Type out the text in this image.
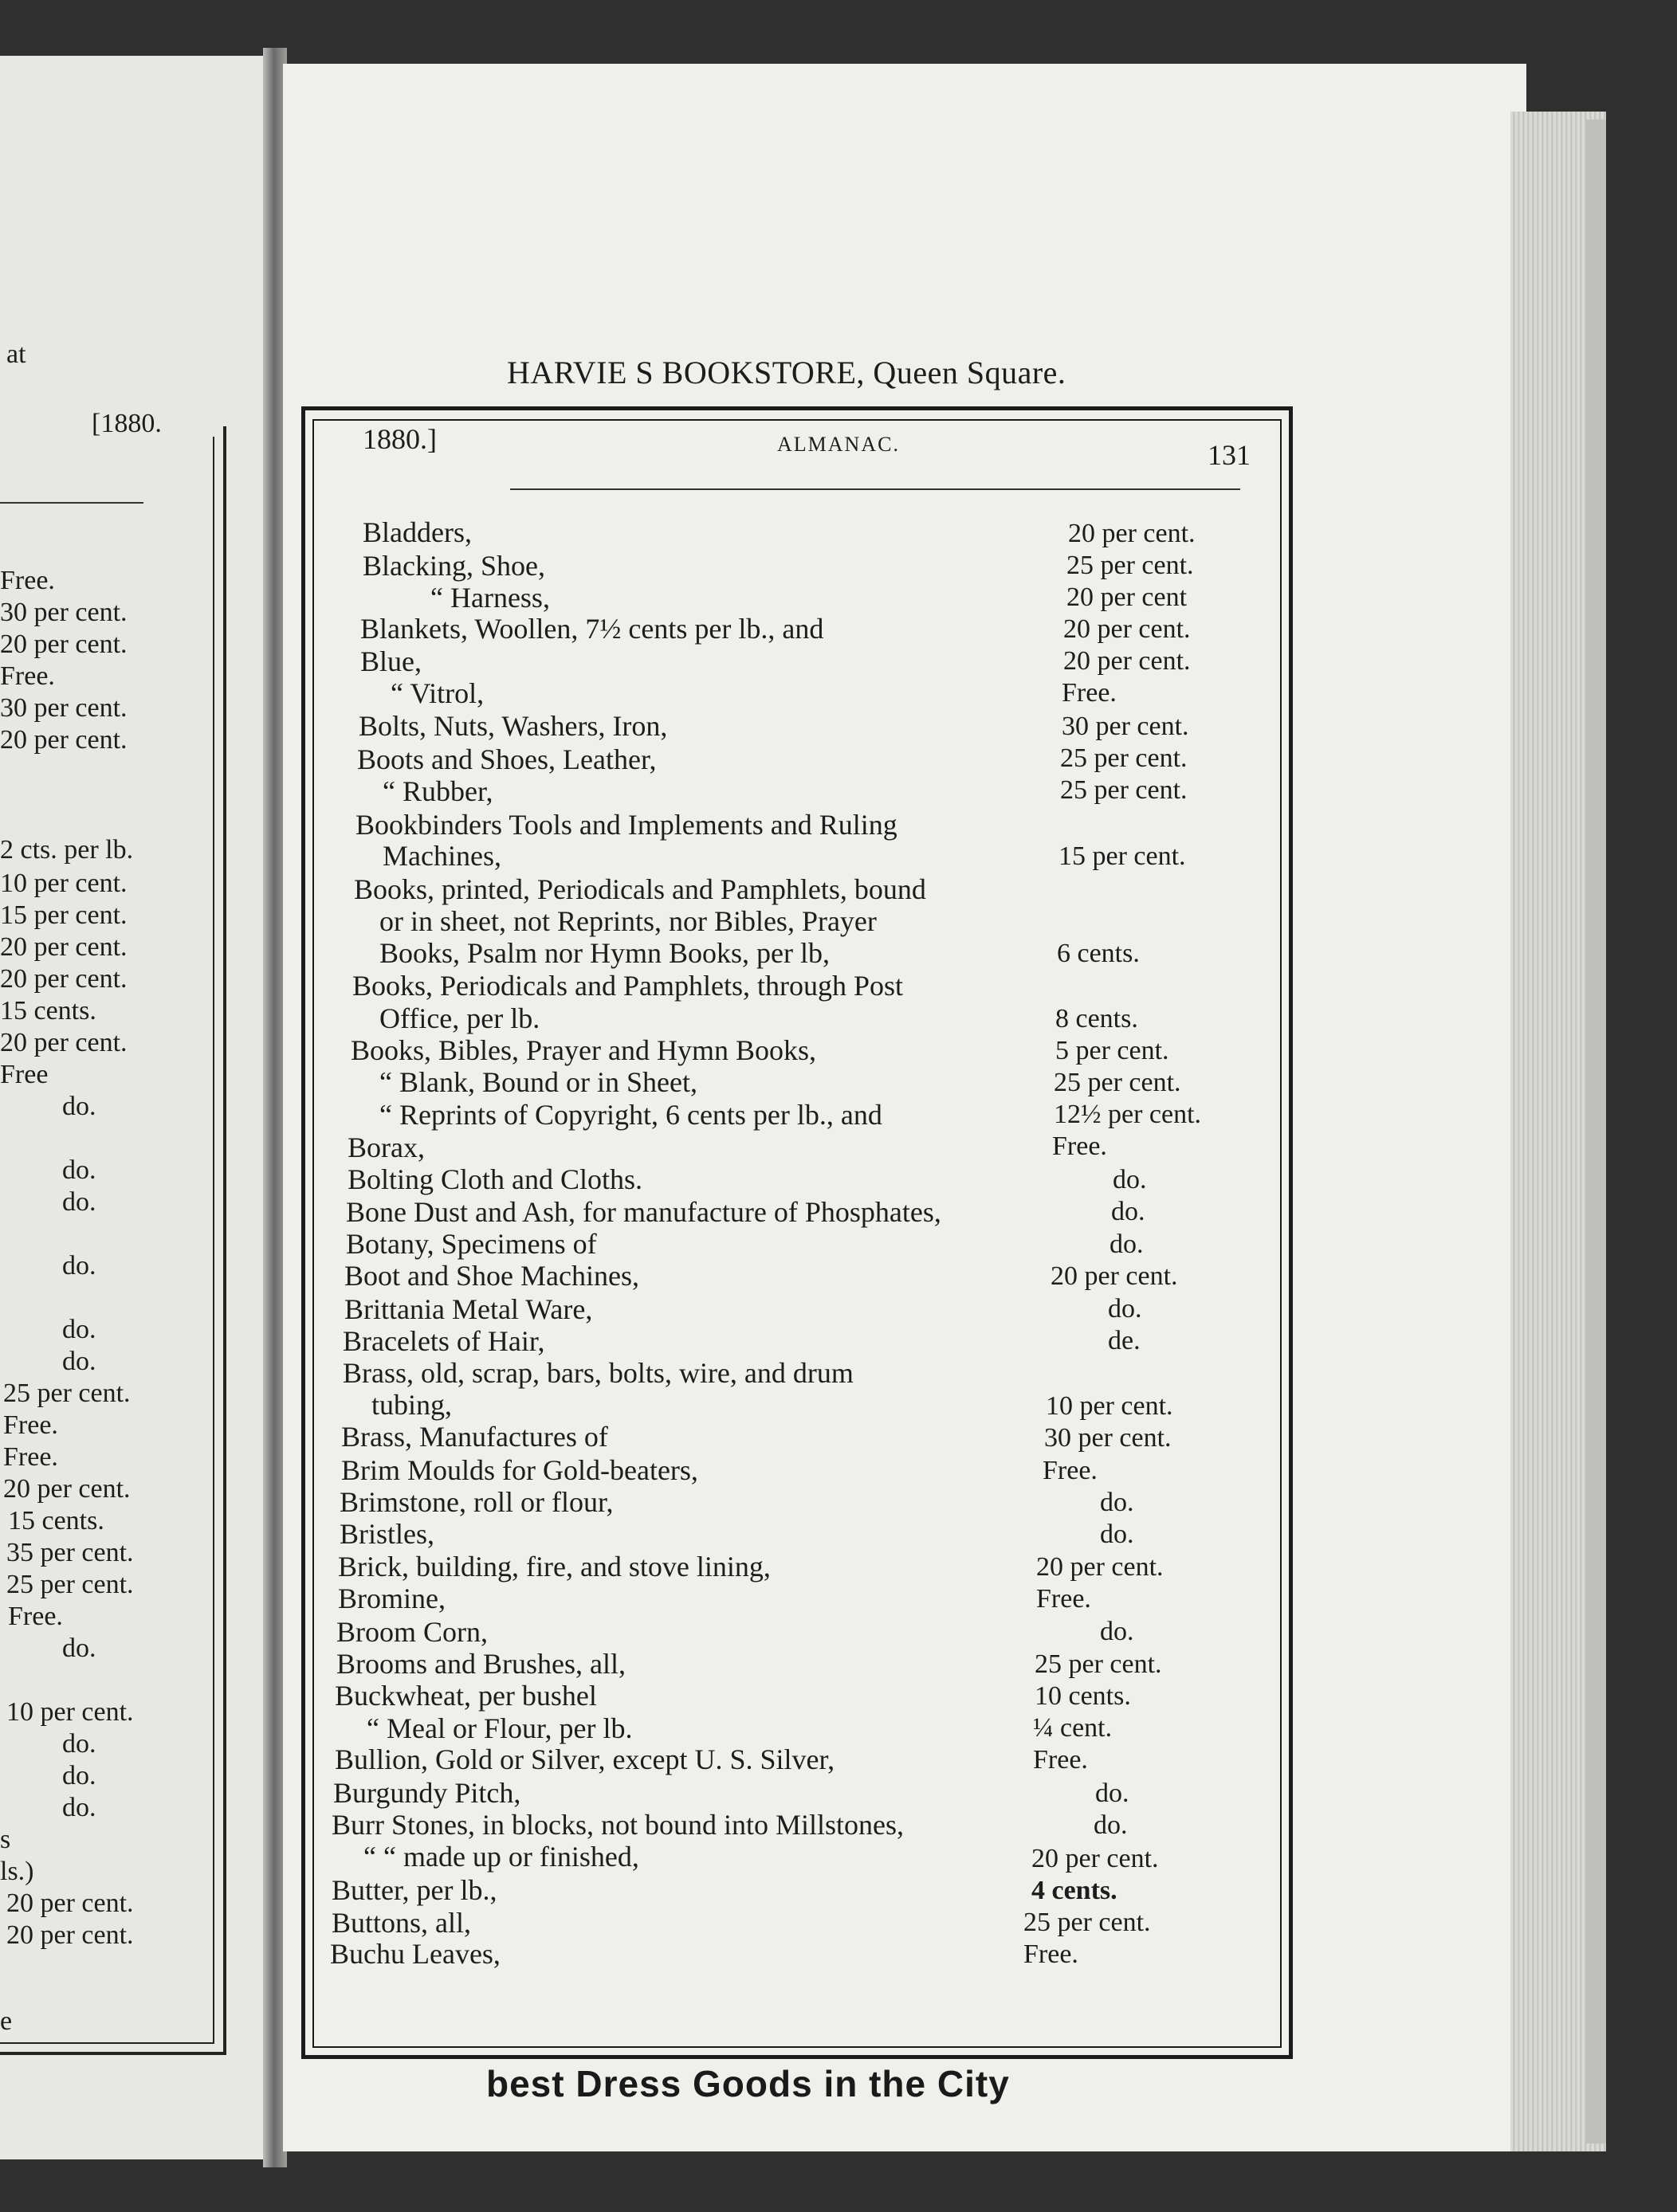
at
[1880.
Free.
30 per cent.
20 per cent.
Free.
30 per cent.
20 per cent.
2 cts. per lb.
10 per cent.
15 per cent.
20 per cent.
20 per cent.
15 cents.
20 per cent.
Free
do.
do.
do.
do.
do.
do.
25 per cent.
Free.
Free.
20 per cent.
15 cents.
35 per cent.
25 per cent.
Free.
do.
10 per cent.
do.
do.
do.
s
ls.)
20 per cent.
20 per cent.
e
HARVIE S BOOKSTORE, Queen Square.
1880.]	ALMANAC.	131
Bladders,	20 per cent.
Blacking, Shoe,	25 per cent.
“ Harness,	20 per cent
Blankets, Woollen, 7½ cents per lb., and	20 per cent.
Blue,	20 per cent.
“ Vitrol,	Free.
Bolts, Nuts, Washers, Iron,	30 per cent.
Boots and Shoes, Leather,	25 per cent.
“ Rubber,	25 per cent.
Bookbinders Tools and Implements and Ruling
Machines,	15 per cent.
Books, printed, Periodicals and Pamphlets, bound
or in sheet, not Reprints, nor Bibles, Prayer
Books, Psalm nor Hymn Books, per lb,	6 cents.
Books, Periodicals and Pamphlets, through Post
Office, per lb.	8 cents.
Books, Bibles, Prayer and Hymn Books,	5 per cent.
“ Blank, Bound or in Sheet,	25 per cent.
“ Reprints of Copyright, 6 cents per lb., and	12½ per cent.
Borax,	Free.
Bolting Cloth and Cloths.	do.
Bone Dust and Ash, for manufacture of Phosphates,	do.
Botany, Specimens of	do.
Boot and Shoe Machines,	20 per cent.
Brittania Metal Ware,	do.
Bracelets of Hair,	de.
Brass, old, scrap, bars, bolts, wire, and drum
tubing,	10 per cent.
Brass, Manufactures of	30 per cent.
Brim Moulds for Gold-beaters,	Free.
Brimstone, roll or flour,	do.
Bristles,	do.
Brick, building, fire, and stove lining,	20 per cent.
Bromine,	Free.
Broom Corn,	do.
Brooms and Brushes, all,	25 per cent.
Buckwheat, per bushel	10 cents.
“ Meal or Flour, per lb.	¼ cent.
Bullion, Gold or Silver, except U. S. Silver,	Free.
Burgundy Pitch,	do.
Burr Stones, in blocks, not bound into Millstones,	do.
“ “ made up or finished,	20 per cent.
Butter, per lb.,	4 cents.
Buttons, all,	25 per cent.
Buchu Leaves,	Free.
best Dress Goods in the City
